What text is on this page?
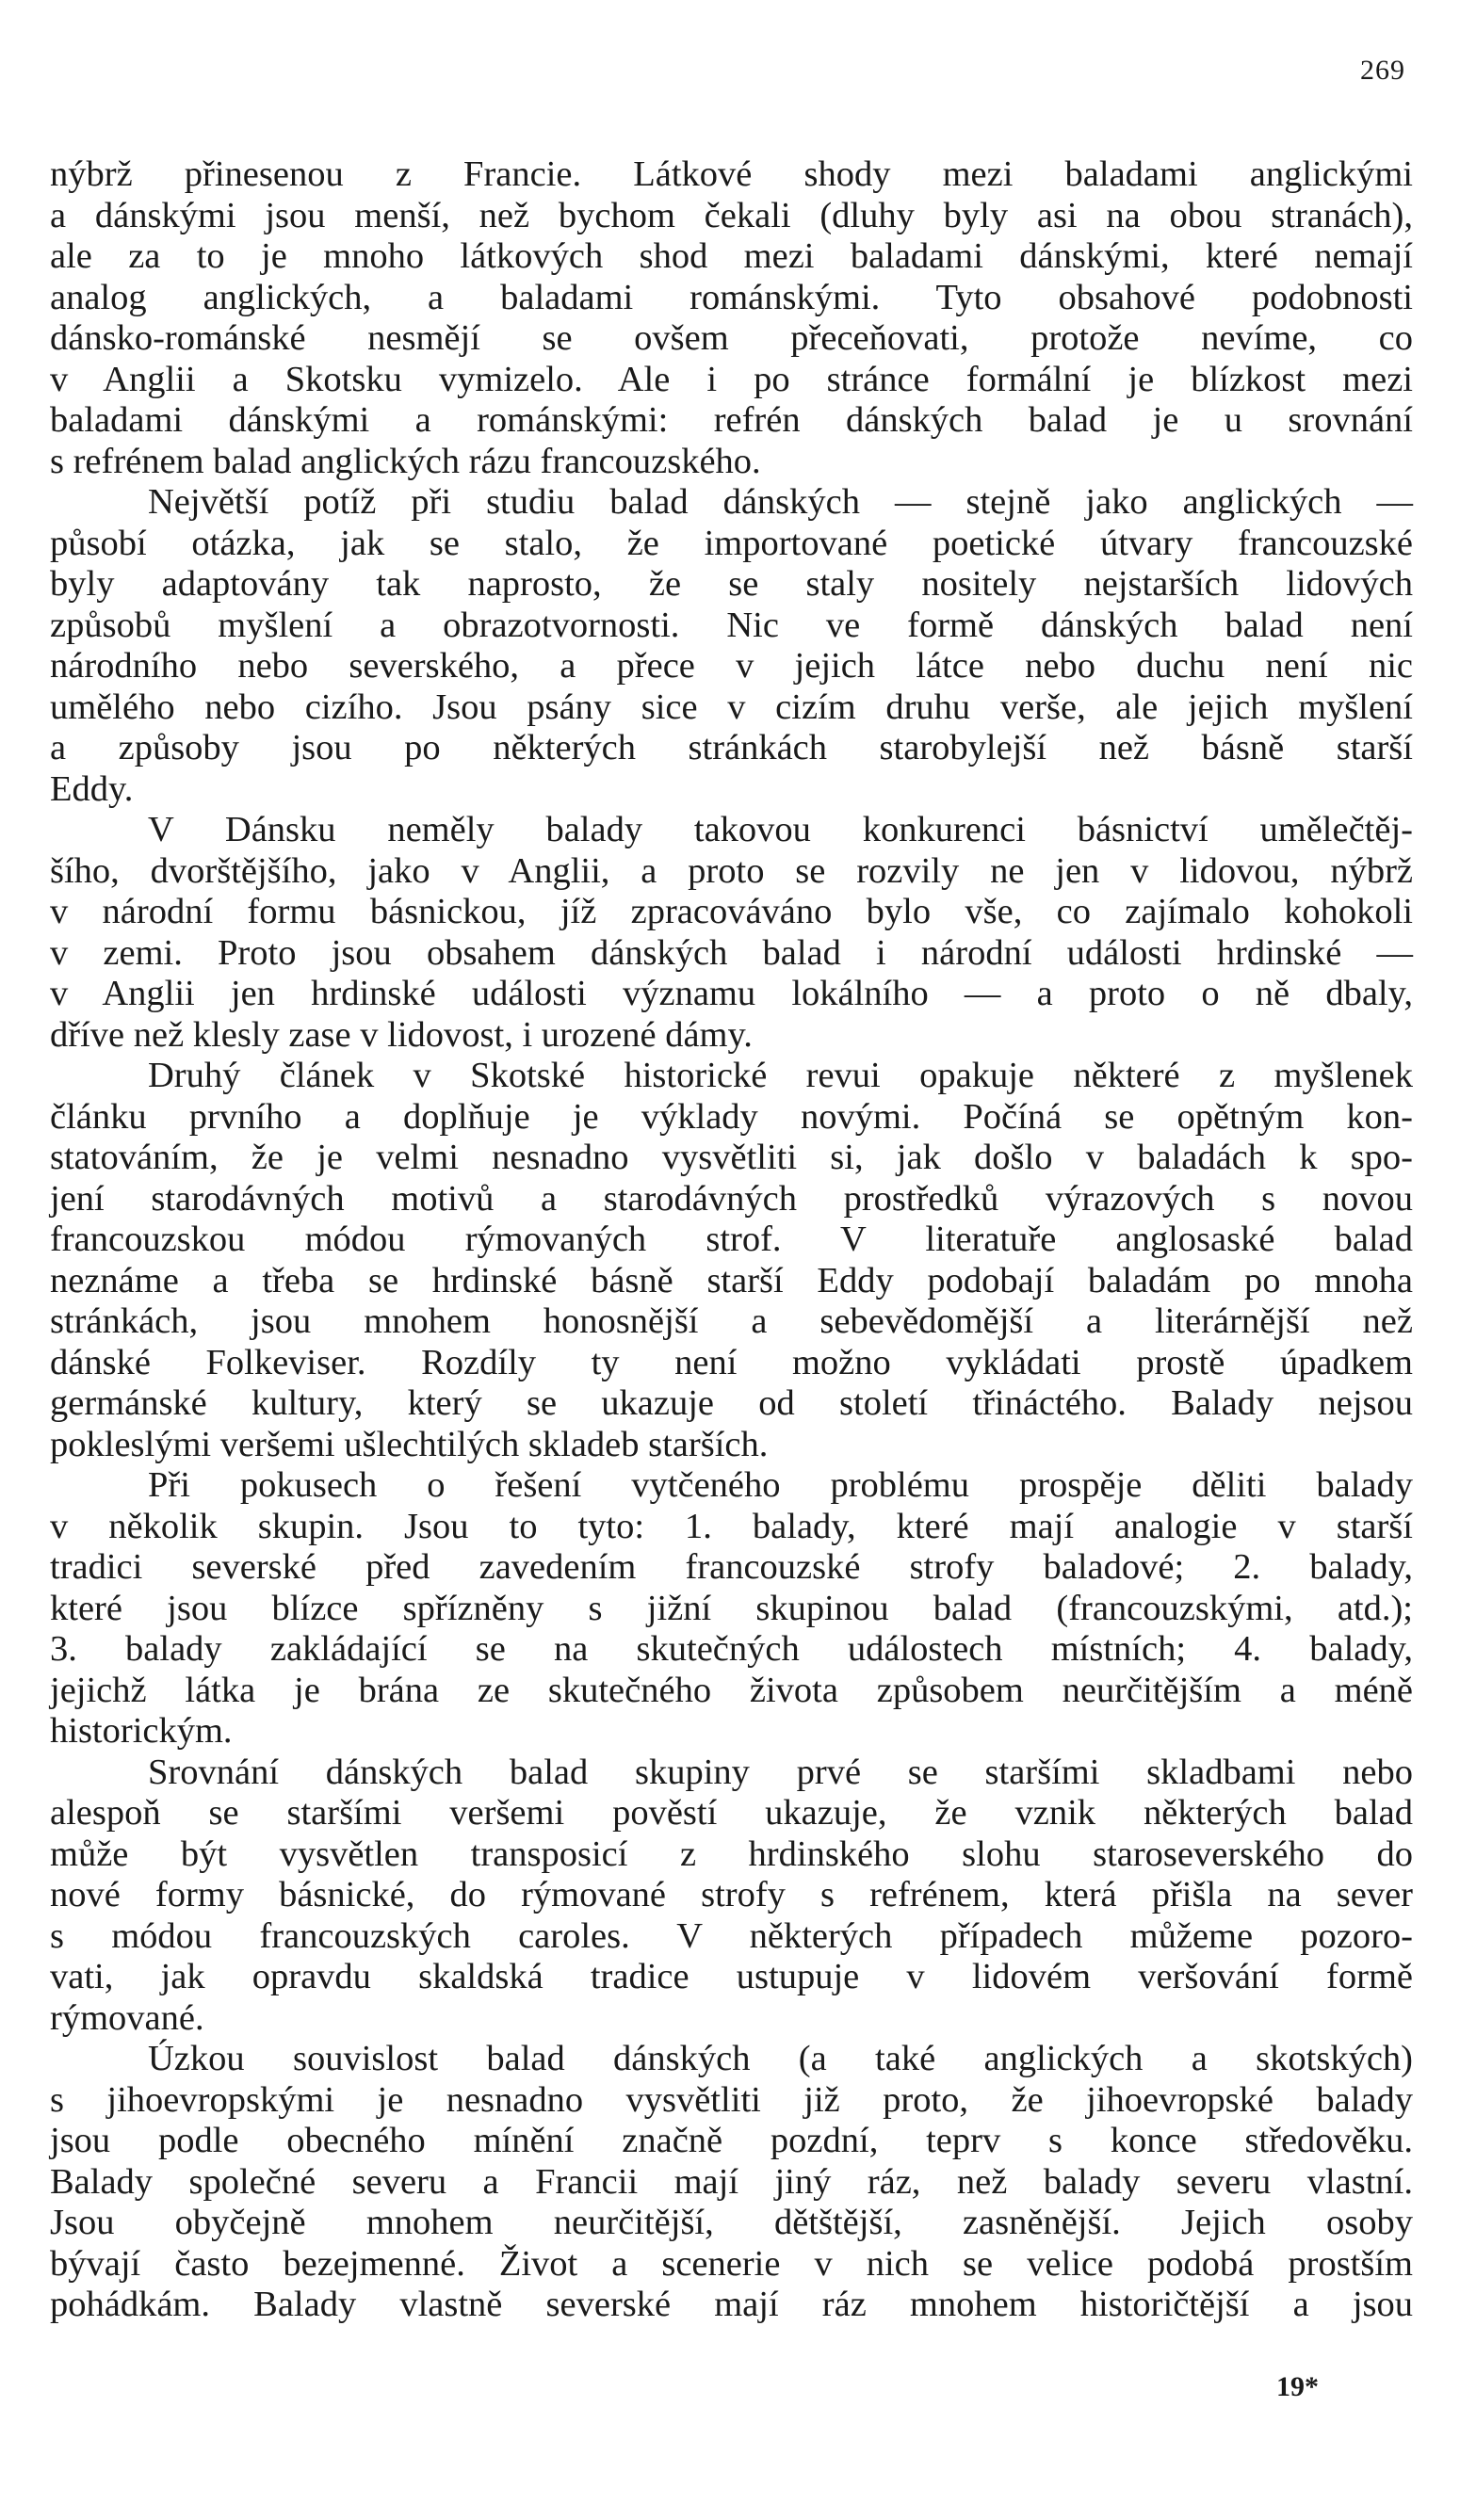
269
nýbrž přinesenou z Francie. Látkové shody mezi baladami anglickými
a dánskými jsou menší, než bychom čekali (dluhy byly asi na obou stranách),
ale za to je mnoho látkových shod mezi baladami dánskými, které nemají
analog anglických, a baladami románskými. Tyto obsahové podobnosti
dánsko-románské nesmějí se ovšem přeceňovati, protože nevíme, co
v Anglii a Skotsku vymizelo. Ale i po stránce formální je blízkost mezi
baladami dánskými a románskými: refrén dánských balad je u srovnání
s refrénem balad anglických rázu francouzského.
Největší potíž při studiu balad dánských — stejně jako anglických —
působí otázka, jak se stalo, že importované poetické útvary francouzské
byly adaptovány tak naprosto, že se staly nositely nejstarších lidových
způsobů myšlení a obrazotvornosti. Nic ve formě dánských balad není
národního nebo severského, a přece v jejich látce nebo duchu není nic
umělého nebo cizího. Jsou psány sice v cizím druhu verše, ale jejich myšlení
a způsoby jsou po některých stránkách starobylejší než básně starší
Eddy.
V Dánsku neměly balady takovou konkurenci básnictví umělečtěj-
šího, dvorštějšího, jako v Anglii, a proto se rozvily ne jen v lidovou, nýbrž
v národní formu básnickou, jíž zpracováváno bylo vše, co zajímalo kohokoli
v zemi. Proto jsou obsahem dánských balad i národní události hrdinské —
v Anglii jen hrdinské události významu lokálního — a proto o ně dbaly,
dříve než klesly zase v lidovost, i urozené dámy.
Druhý článek v Skotské historické revui opakuje některé z myšlenek
článku prvního a doplňuje je výklady novými. Počíná se opětným kon-
statováním, že je velmi nesnadno vysvětliti si, jak došlo v baladách k spo-
jení starodávných motivů a starodávných prostředků výrazových s novou
francouzskou módou rýmovaných strof. V literatuře anglosaské balad
neznáme a třeba se hrdinské básně starší Eddy podobají baladám po mnoha
stránkách, jsou mnohem honosnější a sebevědomější a literárnější než
dánské Folkeviser. Rozdíly ty není možno vykládati prostě úpadkem
germánské kultury, který se ukazuje od století třináctého. Balady nejsou
pokleslými veršemi ušlechtilých skladeb starších.
Při pokusech o řešení vytčeného problému prospěje děliti balady
v několik skupin. Jsou to tyto: 1. balady, které mají analogie v starší
tradici severské před zavedením francouzské strofy baladové; 2. balady,
které jsou blízce spřízněny s jižní skupinou balad (francouzskými, atd.);
3. balady zakládající se na skutečných událostech místních; 4. balady,
jejichž látka je brána ze skutečného života způsobem neurčitějším a méně
historickým.
Srovnání dánských balad skupiny prvé se staršími skladbami nebo
alespoň se staršími veršemi pověstí ukazuje, že vznik některých balad
může být vysvětlen transposicí z hrdinského slohu staroseverského do
nové formy básnické, do rýmované strofy s refrénem, která přišla na sever
s módou francouzských caroles. V některých případech můžeme pozoro-
vati, jak opravdu skaldská tradice ustupuje v lidovém veršování formě
rýmované.
Úzkou souvislost balad dánských (a také anglických a skotských)
s jihoevropskými je nesnadno vysvětliti již proto, že jihoevropské balady
jsou podle obecného mínění značně pozdní, teprv s konce středověku.
Balady společné severu a Francii mají jiný ráz, než balady severu vlastní.
Jsou obyčejně mnohem neurčitější, dětštější, zasněnější. Jejich osoby
bývají často bezejmenné. Život a scenerie v nich se velice podobá prostším
pohádkám. Balady vlastně severské mají ráz mnohem historičtější a jsou
19*
